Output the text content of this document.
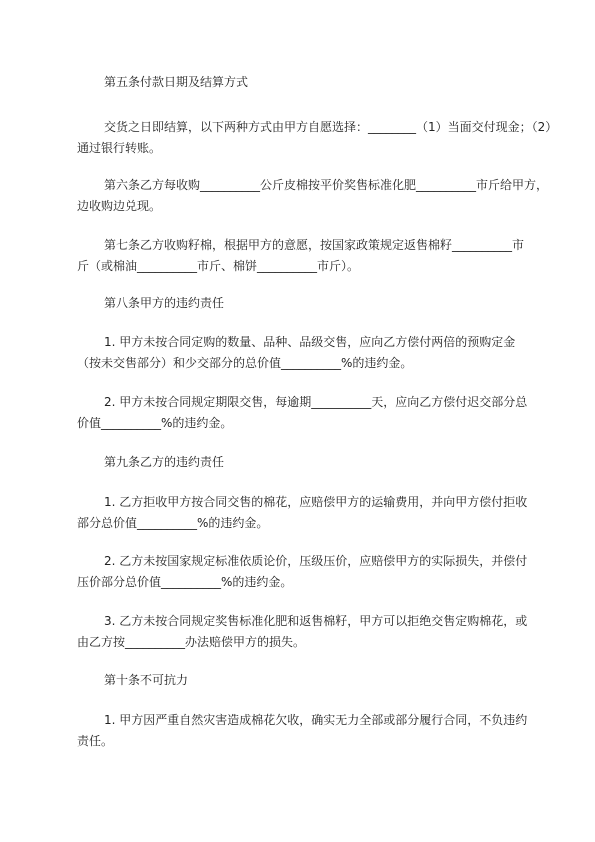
第五条付款日期及结算方式
交货之日即结算，以下两种方式由甲方自愿选择：________（1）当面交付现金；（2）
通过银行转账。
第六条乙方每收购__________公斤皮棉按平价奖售标准化肥__________市斤给甲方，
边收购边兑现。
第七条乙方收购籽棉，根据甲方的意愿，按国家政策规定返售棉籽__________市
斤（或棉油__________市斤、棉饼__________市斤）。
第八条甲方的违约责任
1. 甲方未按合同定购的数量、品种、品级交售，应向乙方偿付两倍的预购定金
（按未交售部分）和少交部分的总价值__________%的违约金。
2. 甲方未按合同规定期限交售，每逾期__________天，应向乙方偿付迟交部分总
价值__________%的违约金。
第九条乙方的违约责任
1. 乙方拒收甲方按合同交售的棉花，应赔偿甲方的运输费用，并向甲方偿付拒收
部分总价值__________%的违约金。
2. 乙方未按国家规定标准依质论价，压级压价，应赔偿甲方的实际损失，并偿付
压价部分总价值__________%的违约金。
3. 乙方未按合同规定奖售标准化肥和返售棉籽，甲方可以拒绝交售定购棉花，或
由乙方按__________办法赔偿甲方的损失。
第十条不可抗力
1. 甲方因严重自然灾害造成棉花欠收，确实无力全部或部分履行合同，不负违约
责任。
